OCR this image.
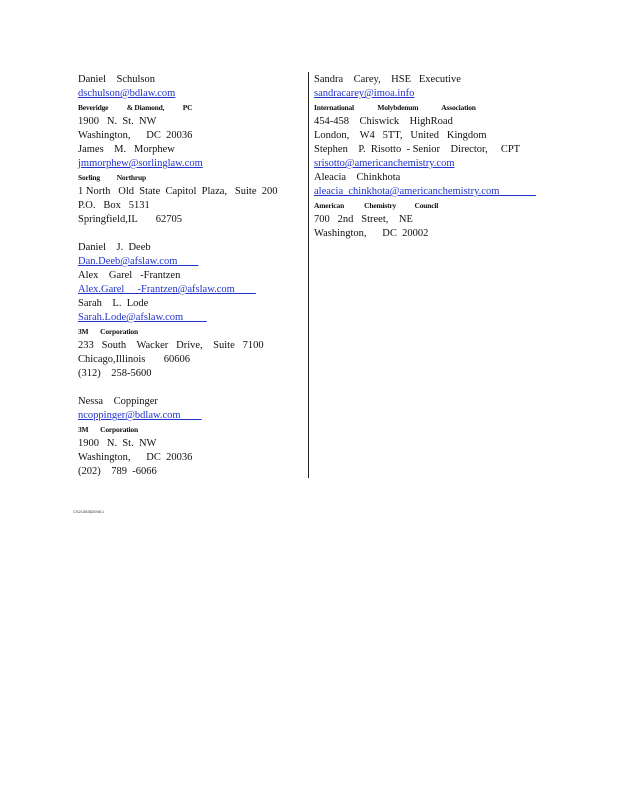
Daniel    Schulson
dschulson@bdlaw.com
Beveridge           & Diamond,           PC
1900   N.  St.  NW
Washington,      DC  20036
James    M.   Morphew
jmmorphew@sorlinglaw.com
Sorling          Northrup
1 North   Old  State  Capitol  Plaza,   Suite  200
P.O.   Box   5131
Springfield,IL       62705
Daniel    J.  Deeb
Dan.Deeb@afslaw.com
Alex    Garel   -Frantzen
Alex.Garel     -Frantzen@afslaw.com
Sarah    L.  Lode
Sarah.Lode@afslaw.com
3M       Corporation
233   South    Wacker   Drive,    Suite   7100
Chicago,Illinois       60606
(312)    258-5600
Nessa    Coppinger
ncoppinger@bdlaw.com
3M       Corporation
1900   N.  St.  NW
Washington,      DC  20036
(202)    789  -6066
Sandra    Carey,    HSE   Executive
sandracarey@imoa.info
International              Molybdenum              Association
454-458    Chiswick    HighRoad
London,    W4   5TT,   United   Kingdom
Stephen    P.  Risotto  - Senior    Director,     CPT
srisotto@americanchemistry.com
Aleacia    Chinkhota
aleacia_chinkhota@americanchemistry.com
American            Chemistry           Council
700   2nd   Street,    NE
Washington,      DC  20002
CS2136382098.1
